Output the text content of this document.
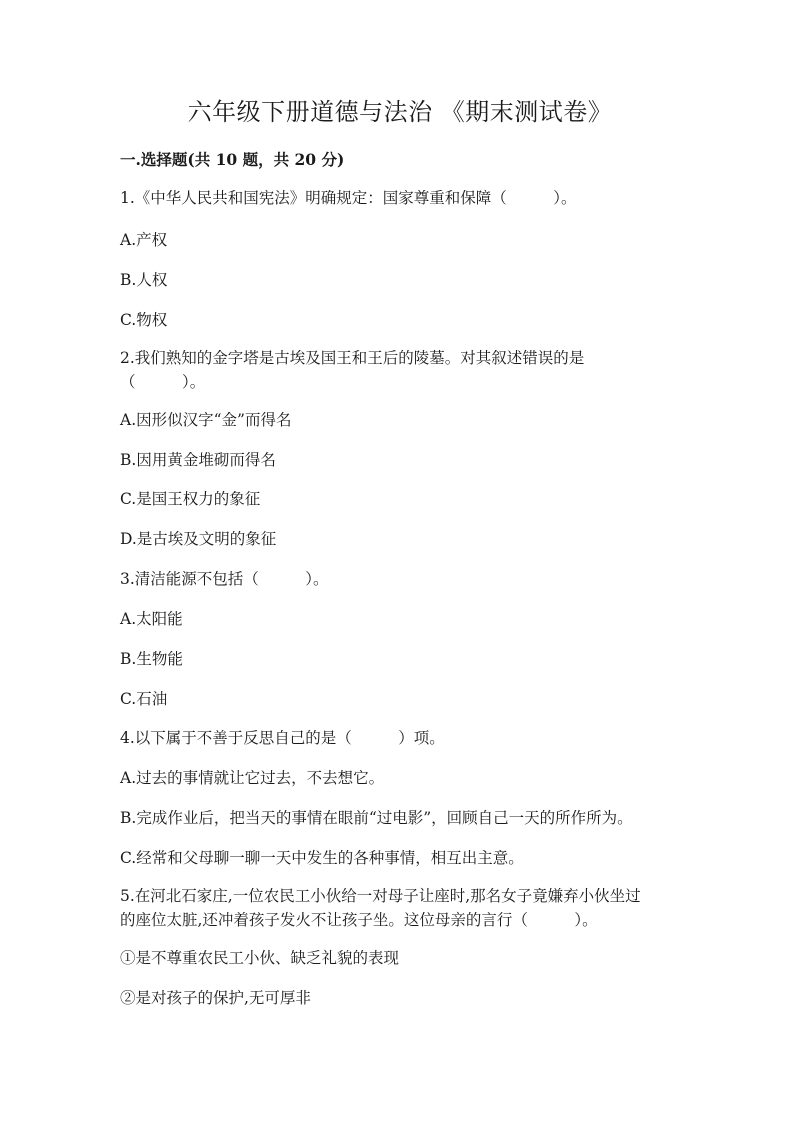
六年级下册道德与法治 《期末测试卷》
一.选择题(共 10 题，共 20 分)
1.《中华人民共和国宪法》明确规定：国家尊重和保障（　　　）。
A.产权
B.人权
C.物权
2.我们熟知的金字塔是古埃及国王和王后的陵墓。对其叙述错误的是
（　　　）。
A.因形似汉字“金”而得名
B.因用黄金堆砌而得名
C.是国王权力的象征
D.是古埃及文明的象征
3.清洁能源不包括（　　　）。
A.太阳能
B.生物能
C.石油
4.以下属于不善于反思自己的是（　　　）项。
A.过去的事情就让它过去，不去想它。
B.完成作业后，把当天的事情在眼前“过电影”，回顾自己一天的所作所为。
C.经常和父母聊一聊一天中发生的各种事情，相互出主意。
5.在河北石家庄,一位农民工小伙给一对母子让座时,那名女子竟嫌弃小伙坐过
的座位太脏,还冲着孩子发火不让孩子坐。这位母亲的言行（　　　）。
①是不尊重农民工小伙、缺乏礼貌的表现
②是对孩子的保护,无可厚非
